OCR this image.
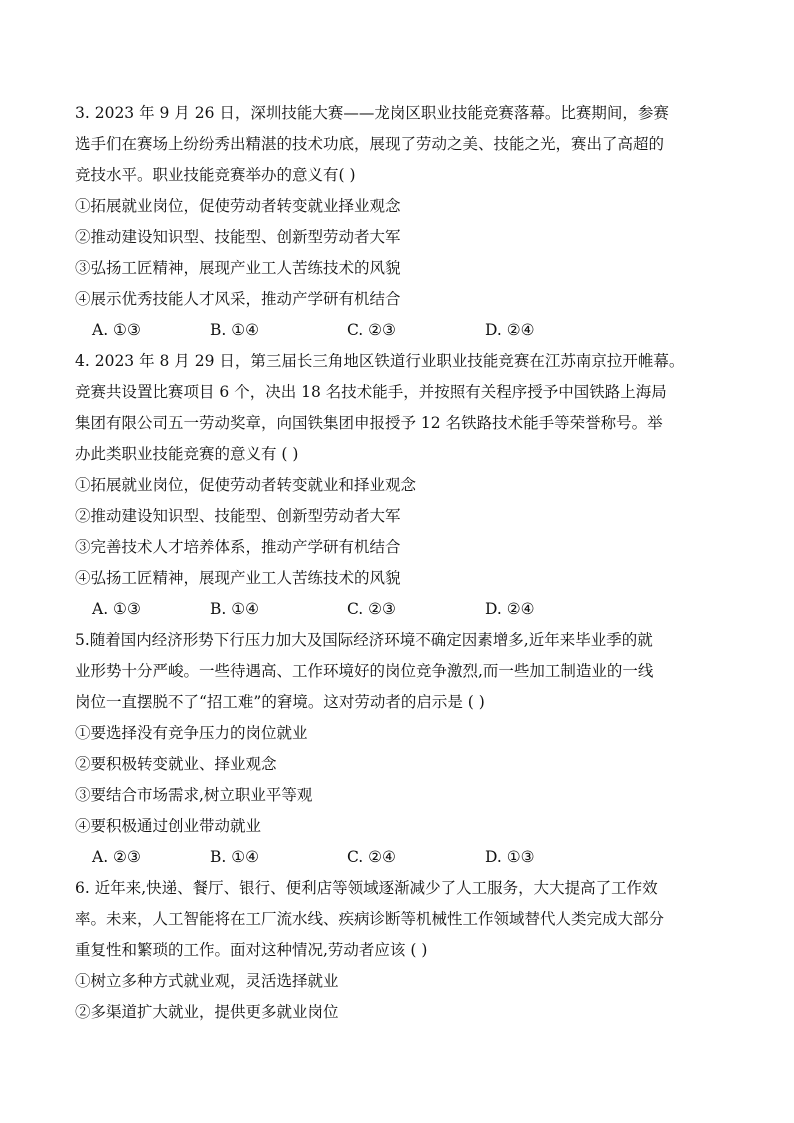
3. 2023 年 9 月 26 日，深圳技能大赛——龙岗区职业技能竞赛落幕。比赛期间，参赛

选手们在赛场上纷纷秀出精湛的技术功底，展现了劳动之美、技能之光，赛出了高超的

竞技水平。职业技能竞赛举办的意义有( )

①拓展就业岗位，促使劳动者转变就业择业观念

②推动建设知识型、技能型、创新型劳动者大军

③弘扬工匠精神，展现产业工人苦练技术的风貌

④展示优秀技能人才风采，推动产学研有机结合

A. ①③	B. ①④	C. ②③	D. ②④

4. 2023 年 8 月 29 日，第三届长三角地区铁道行业职业技能竞赛在江苏南京拉开帷幕。

竞赛共设置比赛项目 6 个，决出 18 名技术能手，并按照有关程序授予中国铁路上海局

集团有限公司五一劳动奖章，向国铁集团申报授予 12 名铁路技术能手等荣誉称号。举

办此类职业技能竞赛的意义有 ( )

①拓展就业岗位，促使劳动者转变就业和择业观念

②推动建设知识型、技能型、创新型劳动者大军

③完善技术人才培养体系，推动产学研有机结合

④弘扬工匠精神，展现产业工人苦练技术的风貌

A. ①③	B. ①④	C. ②③	D. ②④

5.随着国内经济形势下行压力加大及国际经济环境不确定因素增多,近年来毕业季的就

业形势十分严峻。一些待遇高、工作环境好的岗位竞争激烈,而一些加工制造业的一线

岗位一直摆脱不了“招工难”的窘境。这对劳动者的启示是 ( )

①要选择没有竞争压力的岗位就业

②要积极转变就业、择业观念

③要结合市场需求,树立职业平等观

④要积极通过创业带动就业

A. ②③	B. ①④	C. ②④	D. ①③

6. 近年来,快递、餐厅、银行、便利店等领域逐渐减少了人工服务，大大提高了工作效

率。未来，人工智能将在工厂流水线、疾病诊断等机械性工作领域替代人类完成大部分

重复性和繁琐的工作。面对这种情况,劳动者应该 ( )

①树立多种方式就业观，灵活选择就业

②多渠道扩大就业，提供更多就业岗位
